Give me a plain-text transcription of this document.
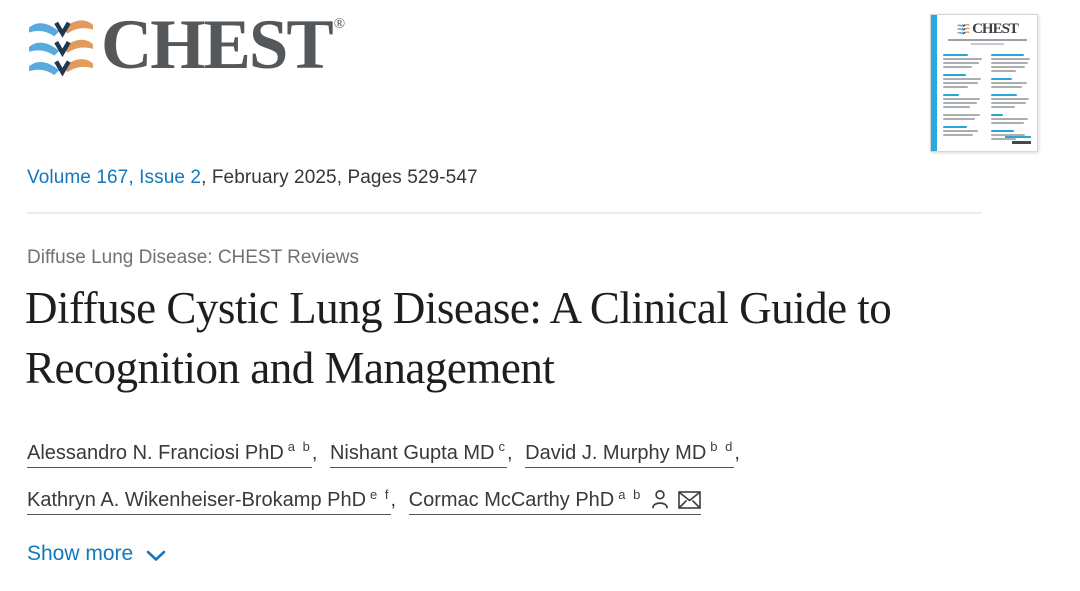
CHEST ®	CHEST
Volume 167, Issue 2, February 2025, Pages 529-547
Diffuse Lung Disease: CHEST Reviews
Diffuse Cystic Lung Disease: A Clinical Guide to Recognition and Management
Alessandro N. Franciosi PhD $^{a b}$, Nishant Gupta MD $^c$, David J. Murphy MD $^{b d}$, Kathryn A. Wikenheiser-Brokamp PhD $^{e f}$, Cormac McCarthy PhD $^{a b}$
Show more
